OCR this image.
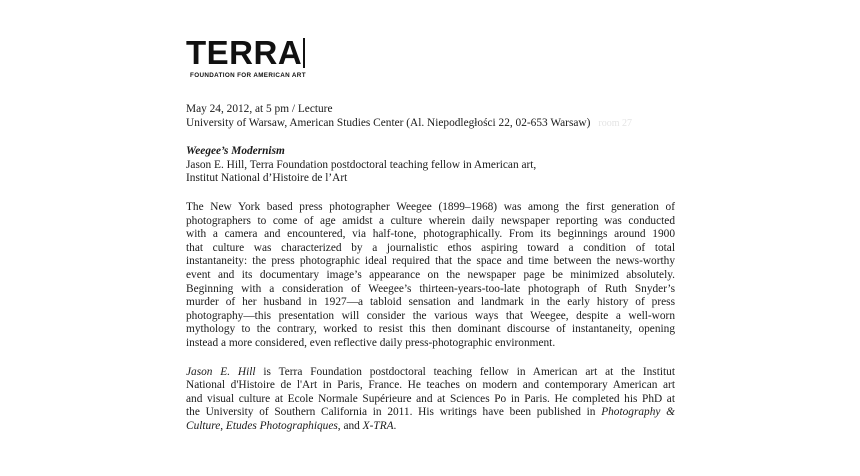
TERRA
FOUNDATION FOR AMERICAN ART
May 24, 2012, at 5 pm / Lecture
University of Warsaw, American Studies Center (Al. Niepodległości 22, 02-653 Warsaw) room 27
Weegee’s Modernism
Jason E. Hill, Terra Foundation postdoctoral teaching fellow in American art,
Institut National d’Histoire de l’Art
The New York based press photographer Weegee (1899–1968) was among the first generation of
photographers to come of age amidst a culture wherein daily newspaper reporting was conducted
with a camera and encountered, via half-tone, photographically. From its beginnings around 1900
that culture was characterized by a journalistic ethos aspiring toward a condition of total
instantaneity: the press photographic ideal required that the space and time between the news-worthy
event and its documentary image’s appearance on the newspaper page be minimized absolutely.
Beginning with a consideration of Weegee’s thirteen-years-too-late photograph of Ruth Snyder’s
murder of her husband in 1927—a tabloid sensation and landmark in the early history of press
photography—this presentation will consider the various ways that Weegee, despite a well-worn
mythology to the contrary, worked to resist this then dominant discourse of instantaneity, opening
instead a more considered, even reflective daily press-photographic environment.
Jason E. Hill is Terra Foundation postdoctoral teaching fellow in American art at the Institut
National d'Histoire de l'Art in Paris, France. He teaches on modern and contemporary American art
and visual culture at Ecole Normale Supérieure and at Sciences Po in Paris. He completed his PhD at
the University of Southern California in 2011. His writings have been published in Photography &
Culture, Etudes Photographiques, and X-TRA.
